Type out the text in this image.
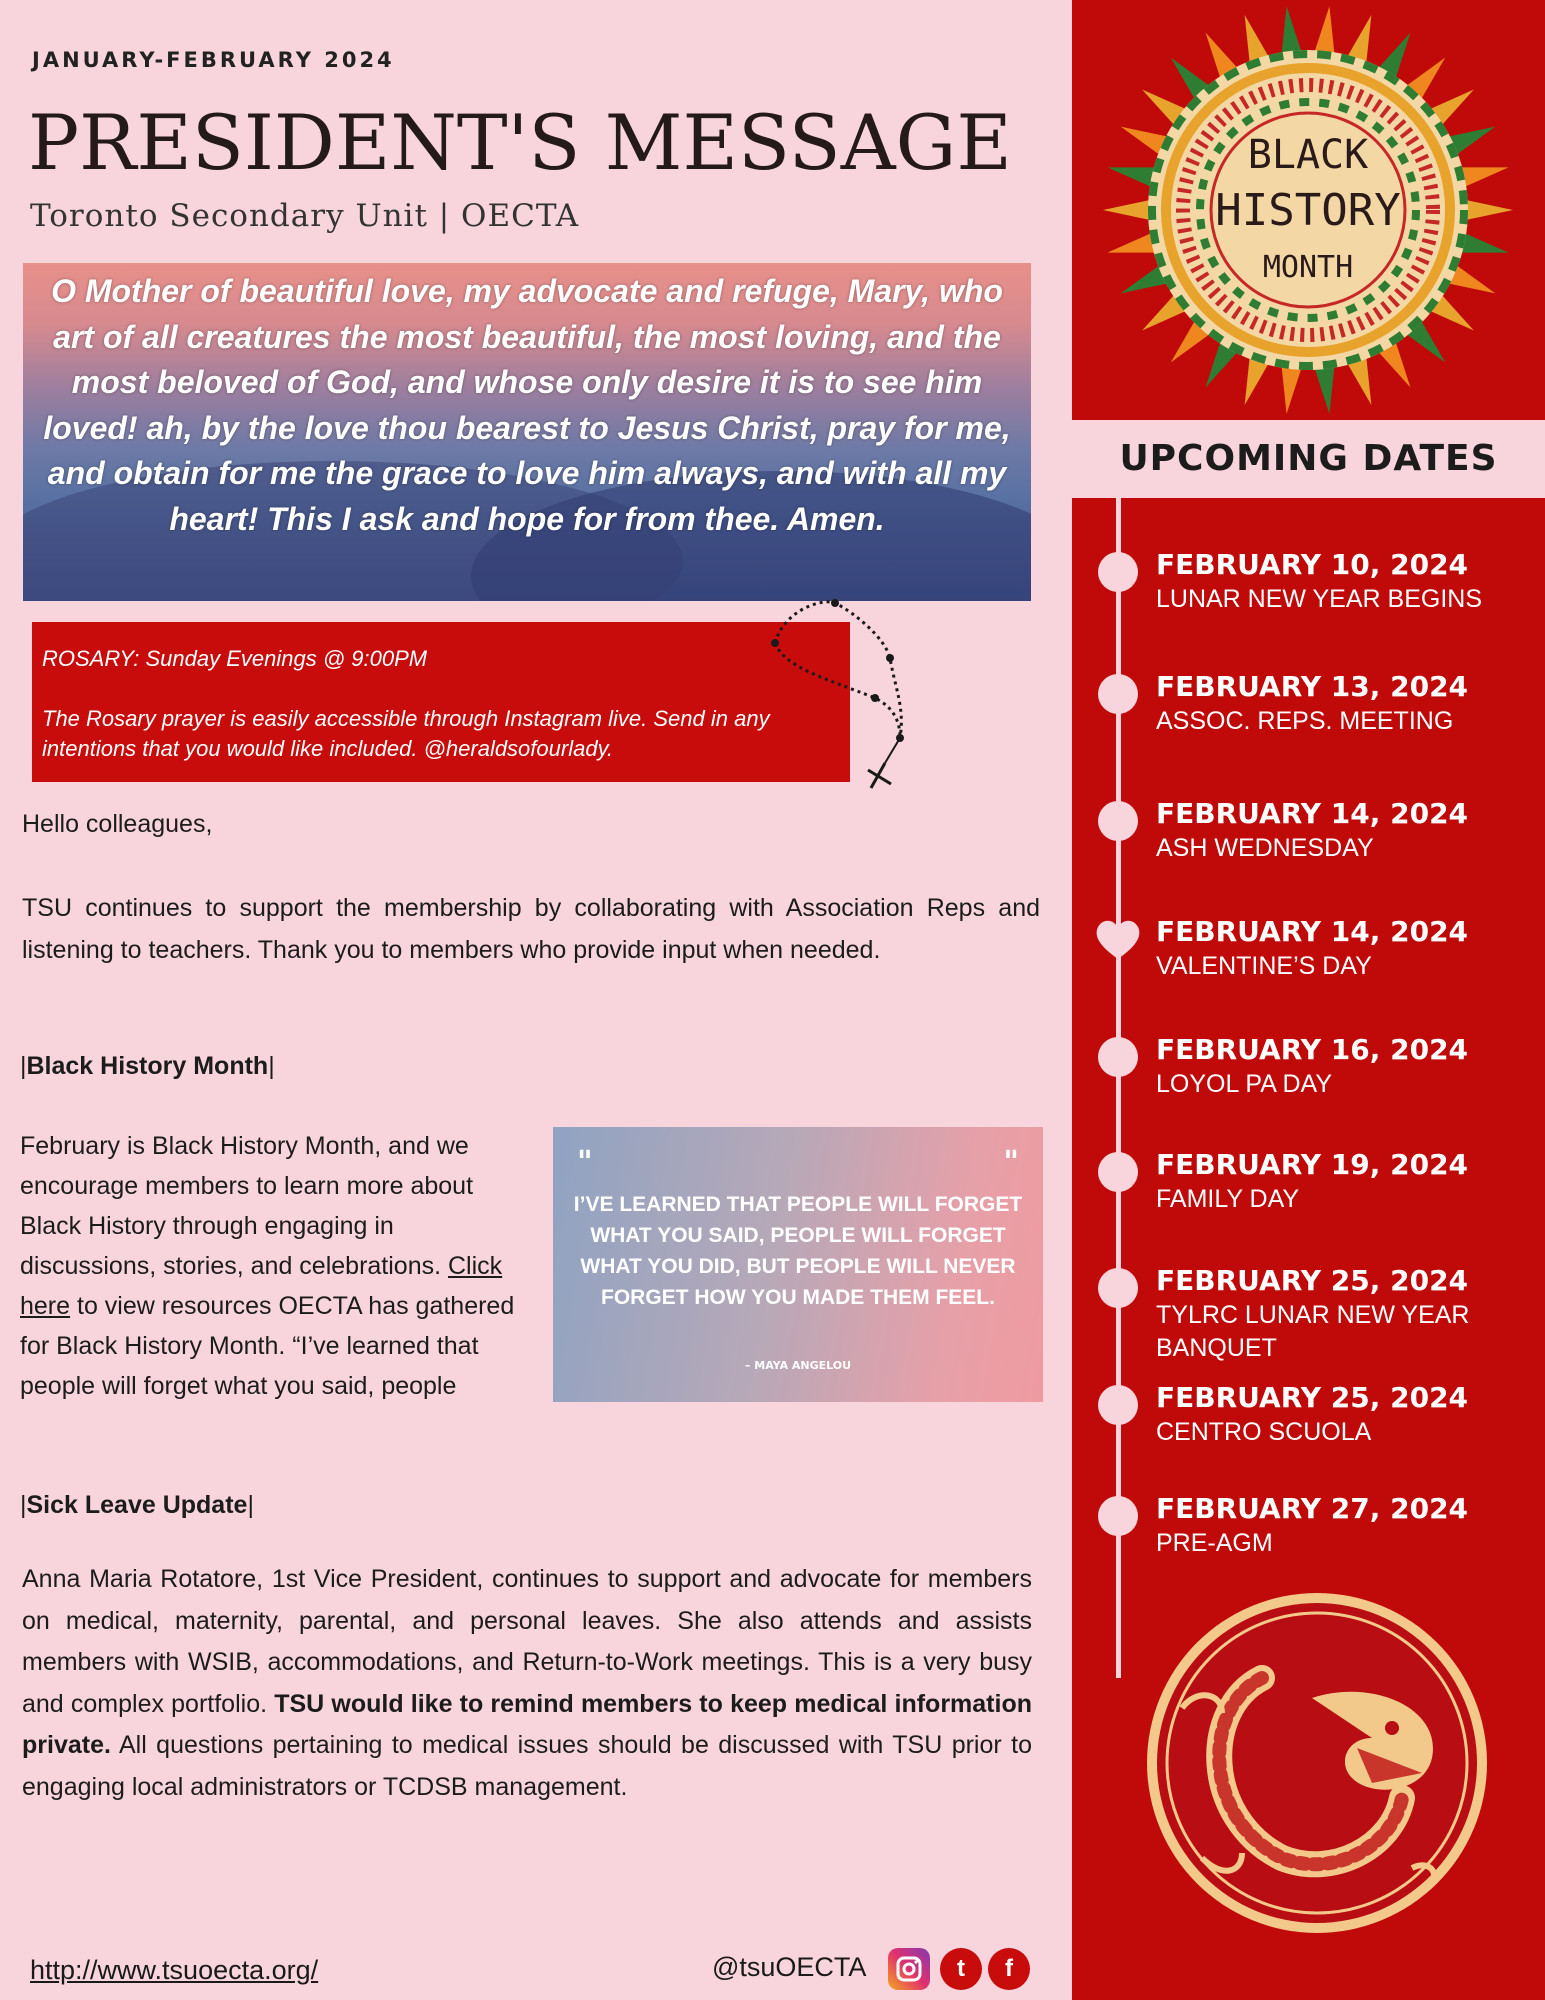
JANUARY-FEBRUARY 2024
PRESIDENT'S MESSAGE
Toronto Secondary Unit | OECTA
O Mother of beautiful love, my advocate and refuge, Mary, who art of all creatures the most beautiful, the most loving, and the most beloved of God, and whose only desire it is to see him loved! ah, by the love thou bearest to Jesus Christ, pray for me, and obtain for me the grace to love him always, and with all my heart! This I ask and hope for from thee. Amen.

ROSARY: Sunday Evenings @ 9:00PM

The Rosary prayer is easily accessible through Instagram live. Send in any intentions that you would like included. @heraldsofourlady.

Hello colleagues,
TSU continues to support the membership by collaborating with Association Reps and listening to teachers. Thank you to members who provide input when needed.
|Black History Month|
February is Black History Month, and we encourage members to learn more about Black History through engaging in discussions, stories, and celebrations. Click here to view resources OECTA has gathered for Black History Month. “I’ve learned that people will forget what you said, people
"	"
I’VE LEARNED THAT PEOPLE WILL FORGET WHAT YOU SAID, PEOPLE WILL FORGET WHAT YOU DID, BUT PEOPLE WILL NEVER FORGET HOW YOU MADE THEM FEEL.
– MAYA ANGELOU
|Sick Leave Update|
Anna Maria Rotatore, 1st Vice President, continues to support and advocate for members on medical, maternity, parental, and personal leaves. She also attends and assists members with WSIB, accommodations, and Return-to-Work meetings. This is a very busy and complex portfolio. TSU would like to remind members to keep medical information private. All questions pertaining to medical issues should be discussed with TSU prior to engaging local administrators or TCDSB management.
http://www.tsuoecta.org/	@tsuOECTA	t	f
BLACK
HISTORY
MONTH
UPCOMING DATES
FEBRUARY 10, 2024
LUNAR NEW YEAR BEGINS
FEBRUARY 13, 2024
ASSOC. REPS. MEETING
FEBRUARY 14, 2024
ASH WEDNESDAY
FEBRUARY 14, 2024
VALENTINE’S DAY
FEBRUARY 16, 2024
LOYOL PA DAY
FEBRUARY 19, 2024
FAMILY DAY
FEBRUARY 25, 2024
TYLRC LUNAR NEW YEAR BANQUET
FEBRUARY 25, 2024
CENTRO SCUOLA
FEBRUARY 27, 2024
PRE-AGM
